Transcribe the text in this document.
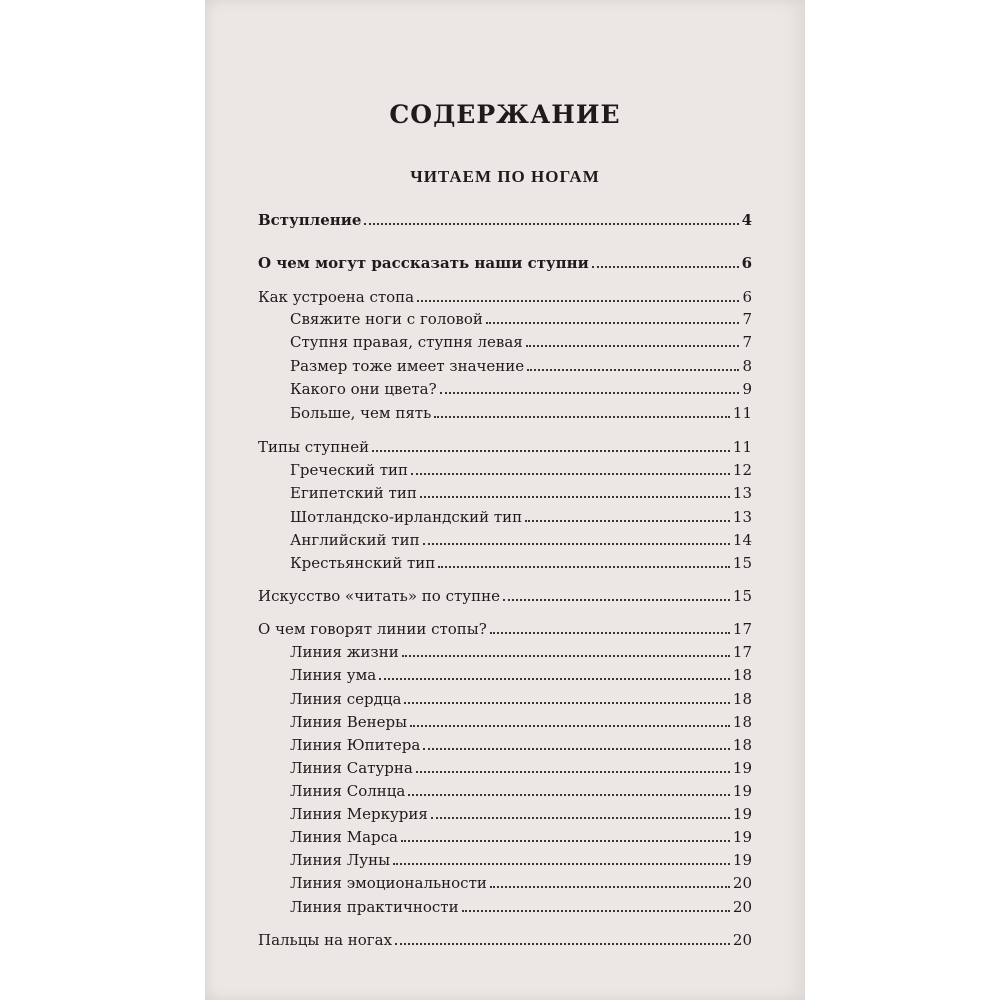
СОДЕРЖАНИЕ
ЧИТАЕМ ПО НОГАМ
Вступление	4
О чем могут рассказать наши ступни	6
Как устроена стопа	6
Свяжите ноги с головой	7
Ступня правая, ступня левая	7
Размер тоже имеет значение	8
Какого они цвета?	9
Больше, чем пять	11
Типы ступней	11
Греческий тип	12
Египетский тип	13
Шотландско-ирландский тип	13
Английский тип	14
Крестьянский тип	15
Искусство «читать» по ступне	15
О чем говорят линии стопы?	17
Линия жизни	17
Линия ума	18
Линия сердца	18
Линия Венеры	18
Линия Юпитера	18
Линия Сатурна	19
Линия Солнца	19
Линия Меркурия	19
Линия Марса	19
Линия Луны	19
Линия эмоциональности	20
Линия практичности	20
Пальцы на ногах	20
